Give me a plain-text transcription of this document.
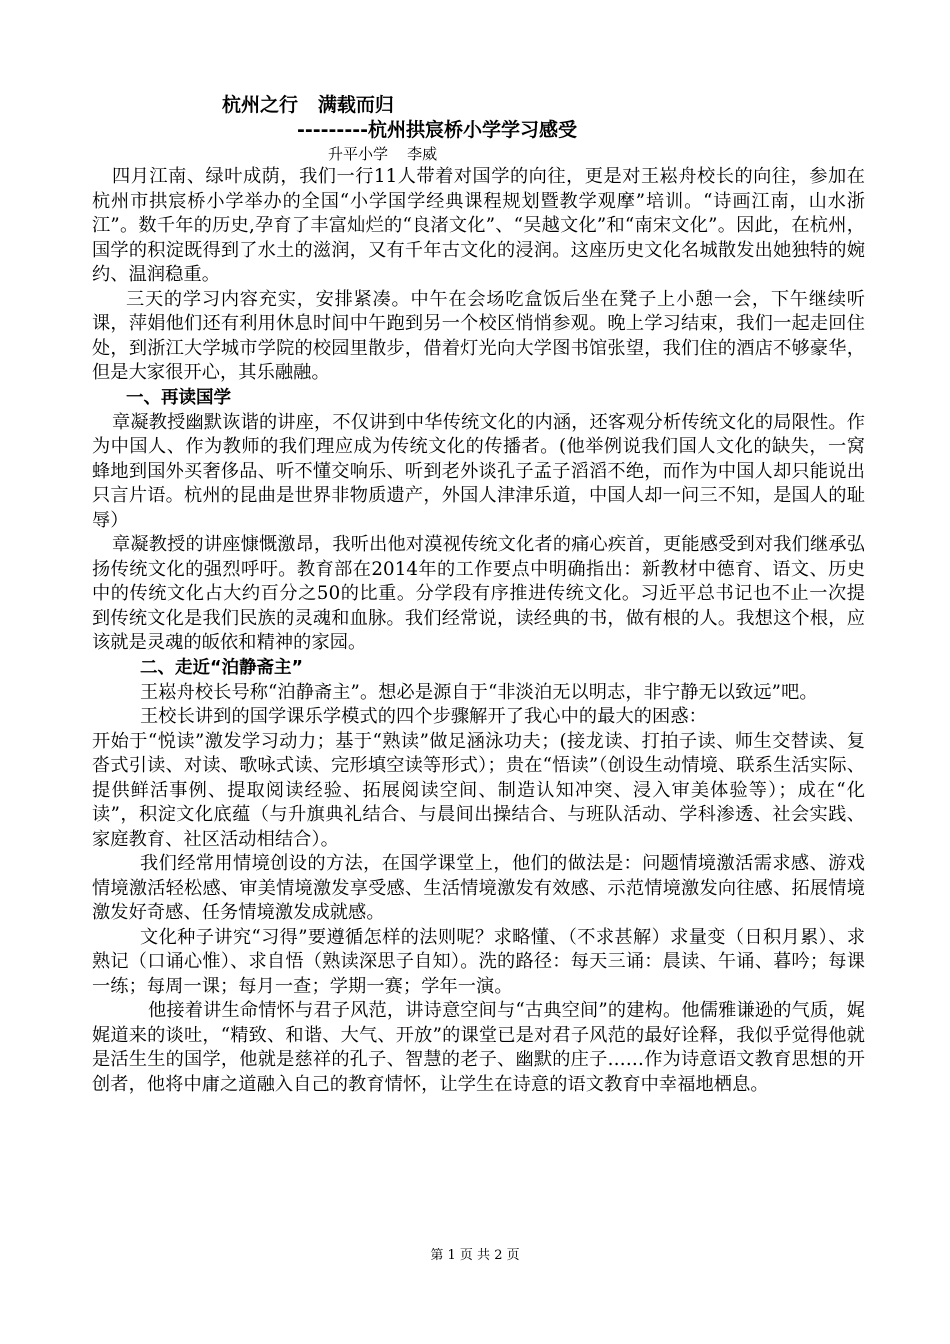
杭州之行   满载而归
---------杭州拱宸桥小学学习感受
升平小学    李威

四月江南、绿叶成荫，我们一行11人带着对国学的向往，更是对王崧舟校长的向往，参加在杭州市拱宸桥小学举办的全国“小学国学经典课程规划暨教学观摩”培训。“诗画江南，山水浙江”。数千年的历史,孕育了丰富灿烂的“良渚文化”、“吴越文化”和“南宋文化”。因此，在杭州，国学的积淀既得到了水土的滋润，又有千年古文化的浸润。这座历史文化名城散发出她独特的婉约、温润稳重。

三天的学习内容充实，安排紧凑。中午在会场吃盒饭后坐在凳子上小憩一会，下午继续听课，萍娟他们还有利用休息时间中午跑到另一个校区悄悄参观。晚上学习结束，我们一起走回住处，到浙江大学城市学院的校园里散步，借着灯光向大学图书馆张望，我们住的酒店不够豪华，但是大家很开心，其乐融融。

一、再读国学

章凝教授幽默诙谐的讲座，不仅讲到中华传统文化的内涵，还客观分析传统文化的局限性。作为中国人、作为教师的我们理应成为传统文化的传播者。(他举例说我们国人文化的缺失，一窝蜂地到国外买奢侈品、听不懂交响乐、听到老外谈孔子孟子滔滔不绝，而作为中国人却只能说出只言片语。杭州的昆曲是世界非物质遗产，外国人津津乐道，中国人却一问三不知，是国人的耻辱）

章凝教授的讲座慷慨激昂，我听出他对漠视传统文化者的痛心疾首，更能感受到对我们继承弘扬传统文化的强烈呼吁。教育部在2014年的工作要点中明确指出：新教材中德育、语文、历史中的传统文化占大约百分之50的比重。分学段有序推进传统文化。习近平总书记也不止一次提到传统文化是我们民族的灵魂和血脉。我们经常说，读经典的书，做有根的人。我想这个根，应该就是灵魂的皈依和精神的家园。

二、走近“泊静斋主”

王崧舟校长号称“泊静斋主”。想必是源自于“非淡泊无以明志，非宁静无以致远”吧。

王校长讲到的国学课乐学模式的四个步骤解开了我心中的最大的困惑：

开始于“悦读”激发学习动力；基于“熟读”做足涵泳功夫；(接龙读、打拍子读、师生交替读、复沓式引读、对读、歌咏式读、完形填空读等形式）；贵在“悟读”（创设生动情境、联系生活实际、提供鲜活事例、提取阅读经验、拓展阅读空间、制造认知冲突、浸入审美体验等）；成在“化读”，积淀文化底蕴（与升旗典礼结合、与晨间出操结合、与班队活动、学科渗透、社会实践、家庭教育、社区活动相结合）。

我们经常用情境创设的方法，在国学课堂上，他们的做法是：问题情境激活需求感、游戏情境激活轻松感、审美情境激发享受感、生活情境激发有效感、示范情境激发向往感、拓展情境激发好奇感、任务情境激发成就感。

文化种子讲究“习得”要遵循怎样的法则呢？求略懂、（不求甚解）求量变（日积月累）、求熟记（口诵心惟）、求自悟（熟读深思子自知）。洗的路径：每天三诵：晨读、午诵、暮吟；每课一练；每周一课；每月一查；学期一赛；学年一演。

他接着讲生命情怀与君子风范，讲诗意空间与“古典空间”的建构。他儒雅谦逊的气质，娓娓道来的谈吐，“精致、和谐、大气、开放”的课堂已是对君子风范的最好诠释，我似乎觉得他就是活生生的国学，他就是慈祥的孔子、智慧的老子、幽默的庄子……作为诗意语文教育思想的开创者，他将中庸之道融入自己的教育情怀，让学生在诗意的语文教育中幸福地栖息。

第 1 页 共 2 页
